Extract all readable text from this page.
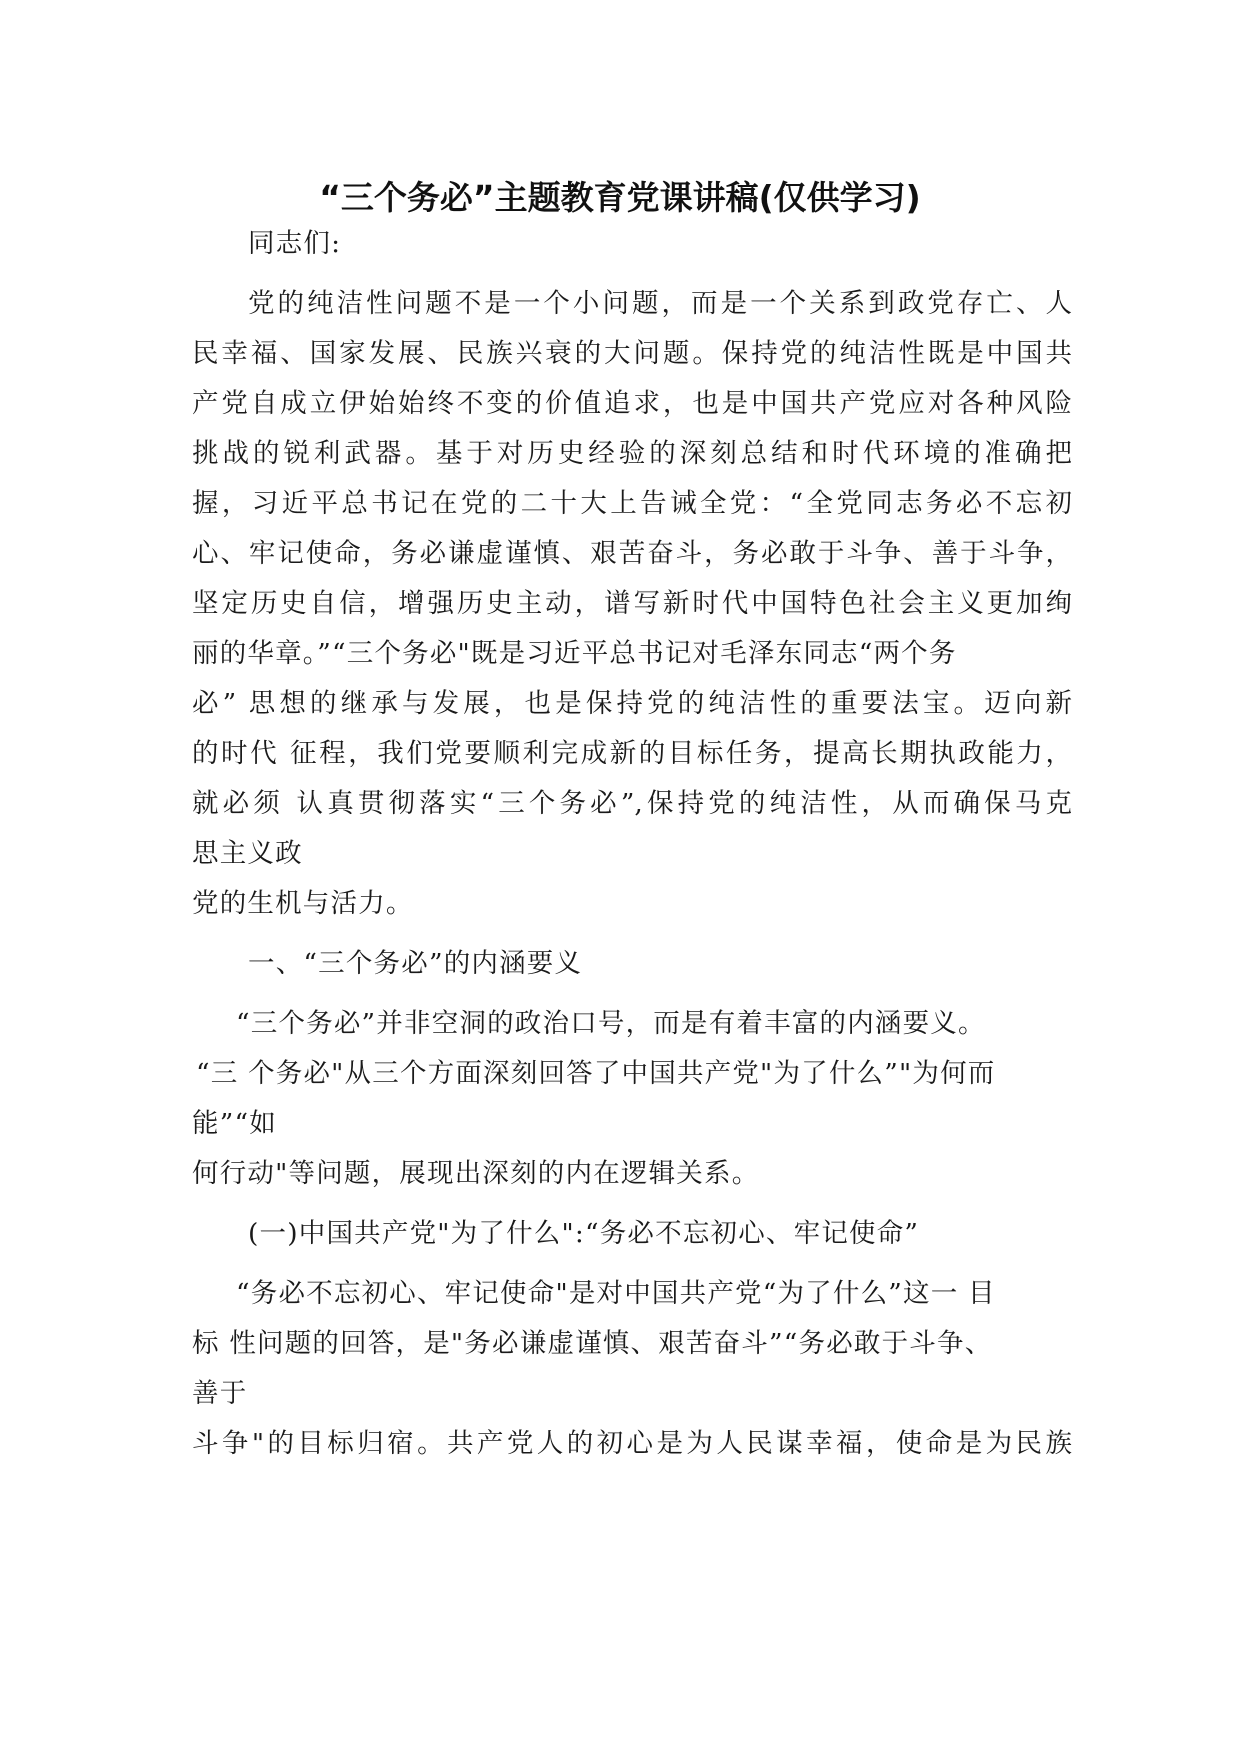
“三个务必”主题教育党课讲稿(仅供学习)
同志们:
党的纯洁性问题不是一个小问题，而是一个关系到政党存亡、人
民幸福、国家发展、民族兴衰的大问题。保持党的纯洁性既是中国共
产党自成立伊始始终不变的价值追求，也是中国共产党应对各种风险
挑战的锐利武器。基于对历史经验的深刻总结和时代环境的准确把
握，习近平总书记在党的二十大上告诫全党：“全党同志务必不忘初
心、牢记使命，务必谦虚谨慎、艰苦奋斗，务必敢于斗争、善于斗争，
坚定历史自信，增强历史主动，谱写新时代中国特色社会主义更加绚
丽的华章。”“三个务必"既是习近平总书记对毛泽东同志“两个务
必” 思想的继承与发展，也是保持党的纯洁性的重要法宝。迈向新
的时代 征程，我们党要顺利完成新的目标任务，提高长期执政能力，
就必须 认真贯彻落实“三个务必”,保持党的纯洁性，从而确保马克
思主义政
党的生机与活力。
一、“三个务必”的内涵要义
“三个务必”并非空洞的政治口号，而是有着丰富的内涵要义。
“三 个务必"从三个方面深刻回答了中国共产党"为了什么”"为何而
能”“如
何行动"等问题，展现出深刻的内在逻辑关系。
(一)中国共产党"为了什么":“务必不忘初心、牢记使命”
“务必不忘初心、牢记使命"是对中国共产党“为了什么”这一 目
标 性问题的回答，是"务必谦虚谨慎、艰苦奋斗”“务必敢于斗争、
善于
斗争"的目标归宿。共产党人的初心是为人民谋幸福，使命是为民族
